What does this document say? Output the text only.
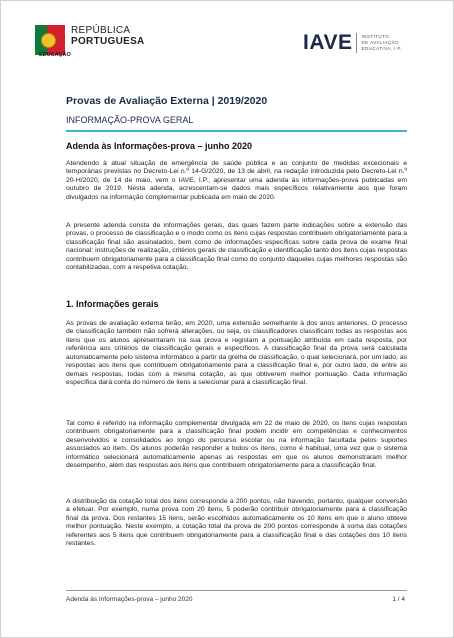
REPÚBLICA
PORTUGUESA
EDUCAÇÃO
IAVE INSTITUTO
DE AVALIAÇÃO
EDUCATIVA, I.P.
Provas de Avaliação Externa | 2019/2020
INFORMAÇÃO-PROVA GERAL
Adenda às Informações-prova – junho 2020

Atendendo à atual situação de emergência de saúde pública e ao conjunto de medidas excecionais e temporárias previstas no Decreto-Lei n.º 14-G/2020, de 13 de abril, na redação introduzida pelo Decreto-Lei n.º 20-H/2020, de 14 de maio, vem o IAVE, I.P., apresentar uma adenda às informações-prova publicadas em outubro de 2019. Nesta adenda, acrescentam-se dados mais específicos relativamente aos que foram divulgados na informação complementar publicada em maio de 2020.

A presente adenda consta de informações gerais, das quais fazem parte indicações sobre a extensão das provas, o processo de classificação e o modo como os itens cujas respostas contribuem obrigatoriamente para a classificação final são assinalados, bem como de informações específicas sobre cada prova de exame final nacional: instruções de realização, critérios gerais de classificação e identificação tanto dos itens cujas respostas contribuem obrigatoriamente para a classificação final como do conjunto daqueles cujas melhores respostas são contabilizadas, com a respetiva cotação.

1. Informações gerais

As provas de avaliação externa terão, em 2020, uma extensão semelhante à dos anos anteriores. O processo de classificação também não sofrerá alterações, ou seja, os classificadores classificam todas as respostas aos itens que os alunos apresentaram na sua prova e registam a pontuação atribuída em cada resposta, por referência aos critérios de classificação gerais e específicos. A classificação final da prova será calculada automaticamente pelo sistema informático a partir da grelha de classificação, o qual selecionará, por um lado, as respostas aos itens que contribuem obrigatoriamente para a classificação final e, por outro lado, de entre as demais respostas, todas com a mesma cotação, as que obtiverem melhor pontuação. Cada informação específica dará conta do número de itens a selecionar para a classificação final.

Tal como é referido na informação complementar divulgada em 22 de maio de 2020, os itens cujas respostas contribuem obrigatoriamente para a classificação final podem incidir em competências e conhecimentos desenvolvidos e consolidados ao longo do percurso escolar ou na informação facultada pelos suportes associados ao item. Os alunos poderão responder a todos os itens, como é habitual, uma vez que o sistema informático selecionará automaticamente apenas as respostas em que os alunos demonstraram melhor desempenho, além das respostas aos itens que contribuem obrigatoriamente para a classificação final.

A distribuição da cotação total dos itens corresponde a 200 pontos, não havendo, portanto, qualquer conversão a efetuar. Por exemplo, numa prova com 20 itens, 5 poderão contribuir obrigatoriamente para a classificação final da prova. Dos restantes 15 itens, serão escolhidos automaticamente os 10 itens em que o aluno obteve melhor pontuação. Neste exemplo, a cotação total da prova de 200 pontos corresponde à soma das cotações referentes aos 5 itens que contribuem obrigatoriamente para a classificação final e das cotações dos 10 itens restantes.

Adenda às Informações-prova – junho 2020	1 / 4
